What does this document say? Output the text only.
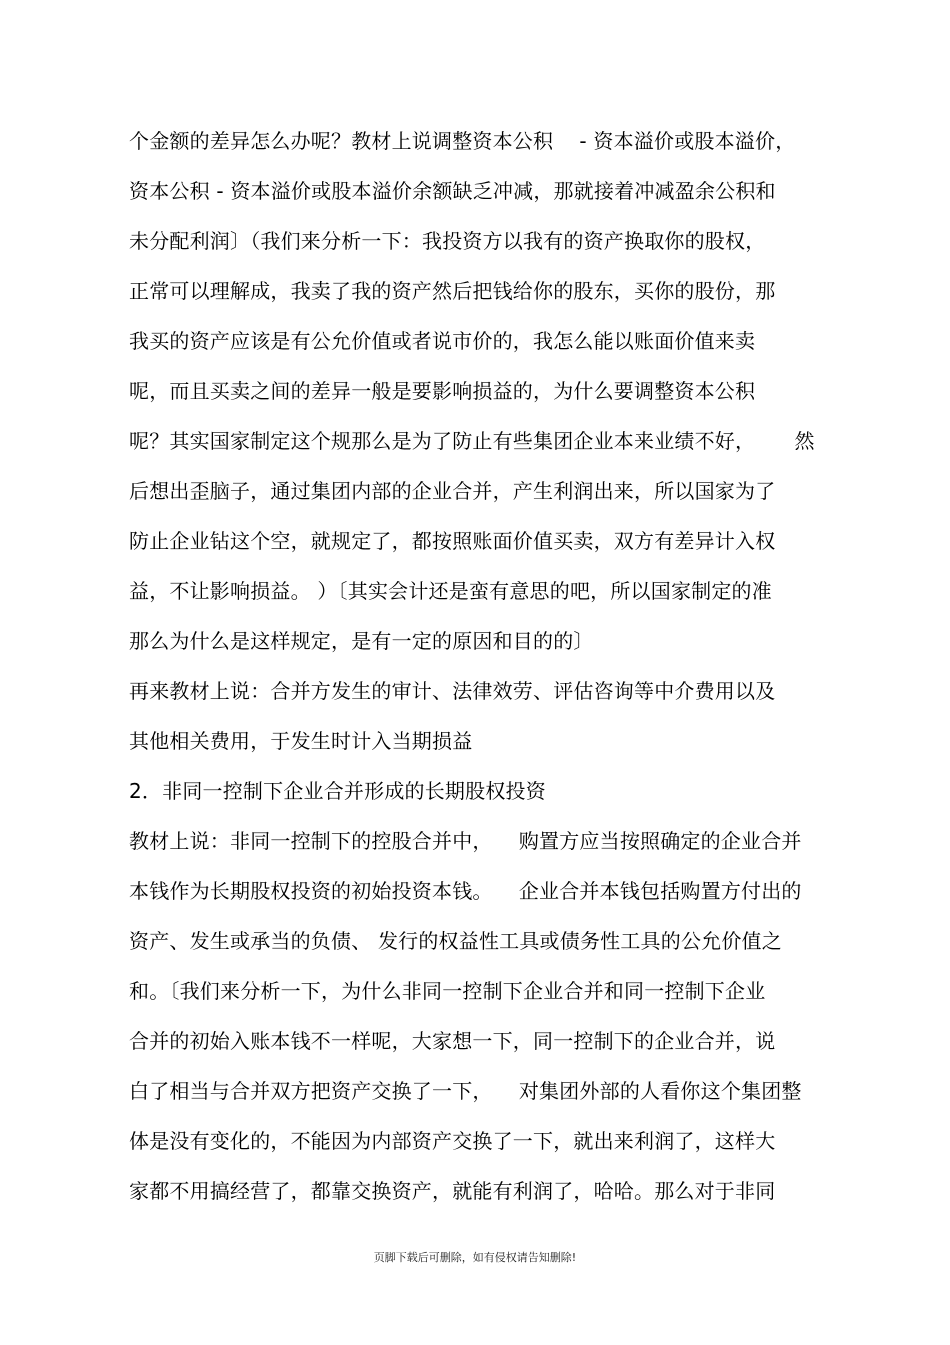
个金额的差异怎么办呢？教材上说调整资本公积    - 资本溢价或股本溢价，
资本公积 - 资本溢价或股本溢价余额缺乏冲减，那就接着冲减盈余公积和
未分配利润〕（我们来分析一下：我投资方以我有的资产换取你的股权，
正常可以理解成，我卖了我的资产然后把钱给你的股东，买你的股份，那
我买的资产应该是有公允价值或者说市价的，我怎么能以账面价值来卖
呢，而且买卖之间的差异一般是要影响损益的，为什么要调整资本公积
呢？其实国家制定这个规那么是为了防止有些集团企业本来业绩不好，      然
后想出歪脑子，通过集团内部的企业合并，产生利润出来，所以国家为了
防止企业钻这个空，就规定了，都按照账面价值买卖，双方有差异计入权
益，不让影响损益。 ）〔其实会计还是蛮有意思的吧，所以国家制定的准
那么为什么是这样规定，是有一定的原因和目的的〕
再来教材上说：合并方发生的审计、法律效劳、评估咨询等中介费用以及
其他相关费用，于发生时计入当期损益
2．非同一控制下企业合并形成的长期股权投资
教材上说：非同一控制下的控股合并中，    购置方应当按照确定的企业合并
本钱作为长期股权投资的初始投资本钱。    企业合并本钱包括购置方付出的
资产、发生或承当的负债、 发行的权益性工具或债务性工具的公允价值之
和。〔我们来分析一下，为什么非同一控制下企业合并和同一控制下企业
合并的初始入账本钱不一样呢，大家想一下，同一控制下的企业合并，说
白了相当与合并双方把资产交换了一下，    对集团外部的人看你这个集团整
体是没有变化的，不能因为内部资产交换了一下，就出来利润了，这样大
家都不用搞经营了，都靠交换资产，就能有利润了，哈哈。那么对于非同
页脚下载后可删除，如有侵权请告知删除!
